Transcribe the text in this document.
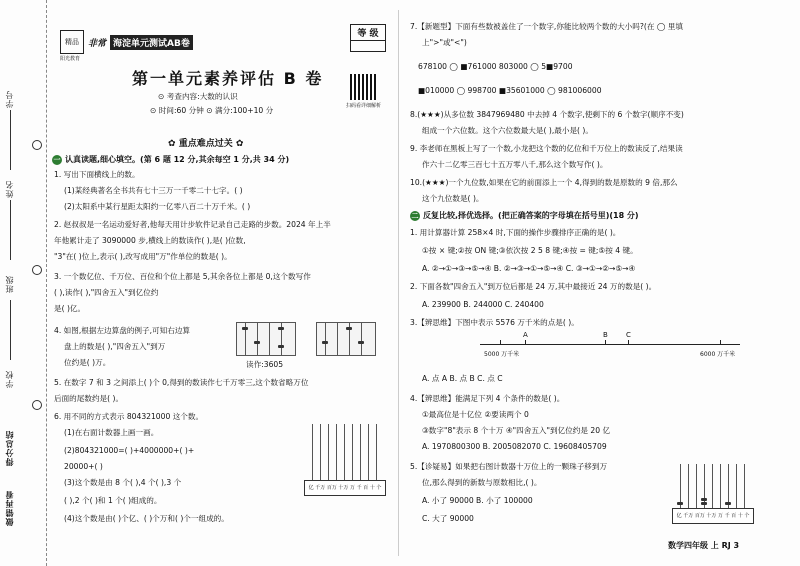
学号
姓名
班级
学校
得分总结
做错再看
精品	非常 海淀单元测试AB卷
阳光教育
等 级
第一单元素养评估 B 卷
扫码看详细解析
⊙ 考查内容:大数的认识
⊙ 时间:60 分钟 ⊙ 满分:100+10 分
✿ 重点难点过关 ✿
一 认真读题,细心填空。(第 6 题 12 分,其余每空 1 分,共 34 分)
1. 写出下面横线上的数。
(1)某经典著名全书共有七十三万一千零二十七字。( )
(2)太阳系中某行星距太阳约一亿零八百二十万千米。( )
2. 赵叔叔是一名运动爱好者,他每天用计步软件记录自己走路的步数。2024 年上半
年他累计走了 3090000 步,横线上的数读作( ),是( )位数,
"3"在( )位上,表示( ),改写成用"万"作单位的数是( )。
3. 一个数亿位、千万位、百位和个位上都是 5,其余各位上都是 0,这个数写作
( ),读作( ),"四舍五入"到亿位约
是( )亿。
4. 如图,根据左边算盘的例子,可知右边算
盘上的数是( ),"四舍五入"到万
位约是( )万。	读作:3605
5. 在数字 7 和 3 之间添上( )个 0,得到的数读作七千万零三,这个数省略万位
后面的尾数约是( )。
6. 用不同的方式表示 804321000 这个数。
(1)在右面计数器上画一画。
(2)804321000=( )+4000000+( )+
20000+( )
(3)这个数是由 8 个( ),4 个( ),3 个
( ),2 个( )和 1 个( )组成的。
(4)这个数是由( )个亿、( )个万和( )个一组成的。
亿 千万 百万 十万 万 千 百 十 个
7.【新题型】下面有些数被盖住了一个数字,你能比较两个数的大小吗?(在 ◯ 里填
上">"或"<")
678100 ◯ ■761000 803000 ◯ 5■9700
■010000 ◯ 998700 ■35601000 ◯ 981006000
8.(★★★)从多位数 3847969480 中去掉 4 个数字,使剩下的 6 个数字(顺序不变)
组成一个六位数。这个六位数最大是( ),最小是( )。
9. 李老师在黑板上写了一个数,小龙把这个数的亿位和千万位上的数读反了,结果读
作六十二亿零三百七十五万零八千,那么这个数写作( )。
10.(★★★)一个九位数,如果在它的前面添上一个 4,得到的数是原数的 9 倍,那么
这个九位数是( )。
二 反复比较,择优选择。(把正确答案的字母填在括号里)(18 分)
1. 用计算器计算 258×4 时,下面的操作步骤排序正确的是( )。
①按 × 键;②按 ON 键;③依次按 2 5 8 键;④按 = 键;⑤按 4 键。
A. ②→①→③→⑤→④ B. ②→③→①→⑤→④ C. ③→①→②→⑤→④
2. 下面各数"四舍五入"到万位后都是 24 万,其中最接近 24 万的数是( )。
A. 239900 B. 244000 C. 240400
3.【辨思维】下图中表示 5576 万千米的点是( )。
A	B	C
5000 万千米	6000 万千米
A. 点 A B. 点 B C. 点 C
4.【辨思维】能满足下列 4 个条件的数是( )。
①最高位是十亿位 ②要读两个 0
③数字"8"表示 8 个十万 ④"四舍五入"到亿位约是 20 亿
A. 1970800300 B. 2005082070 C. 19608405709
5.【诊疑易】如果把右图计数器十万位上的一颗珠子移到万
位,那么得到的新数与原数相比,( )。
A. 小了 90000 B. 小了 100000
C. 大了 90000	亿 千万 百万 十万 万 千 百 十 个
数学四年级 上 RJ 3
